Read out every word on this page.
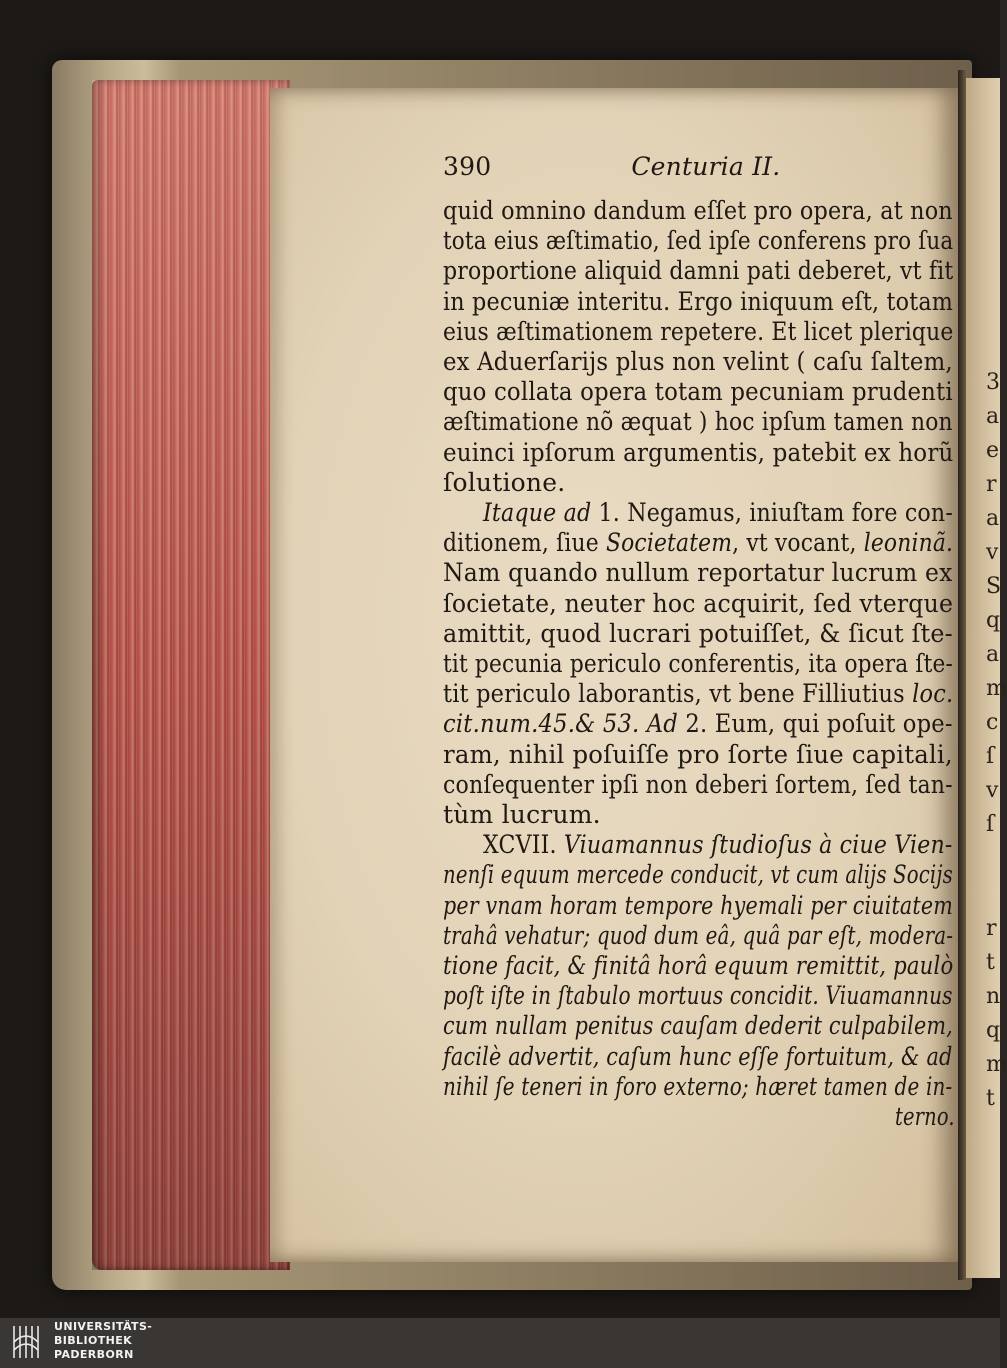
390	Centuria II.
quid omnino dandum eſſet pro opera, at non
tota eius æſtimatio, ſed ipſe conferens pro ſua
proportione aliquid damni pati deberet, vt fit
in pecuniæ interitu. Ergo iniquum eſt, totam
eius æſtimationem repetere. Et licet plerique
ex Aduerſarijs plus non velint ( caſu ſaltem,
quo collata opera totam pecuniam prudenti
æſtimatione nõ æquat ) hoc ipſum tamen non
euinci ipſorum argumentis, patebit ex horũ
ſolutione.
Itaque ad 1. Negamus, iniuſtam fore con-
ditionem, ſiue Societatem, vt vocant, leoninã.
Nam quando nullum reportatur lucrum ex
ſocietate, neuter hoc acquirit, ſed vterque
amittit, quod lucrari potuiſſet, & ſicut ſte-
tit pecunia periculo conferentis, ita opera ſte-
tit periculo laborantis, vt bene Filliutius loc.
cit.num.45.& 53. Ad 2. Eum, qui poſuit ope-
ram, nihil poſuiſſe pro ſorte ſiue capitali,
conſequenter ipſi non deberi ſortem, ſed tan-
tùm lucrum.
XCVII. Viuamannus ſtudioſus à ciue Vien-
nenſi equum mercede conducit, vt cum alijs Socijs
per vnam horam tempore hyemali per ciuitatem
trahâ vehatur; quod dum eâ, quâ par eſt, modera-
tione facit, & finitâ horâ equum remittit, paulò
poſt iſte in ſtabulo mortuus concidit. Viuamannus
cum nullam penitus cauſam dederit culpabilem,
facilè advertit, caſum hunc eſſe fortuitum, & ad
nihil ſe teneri in foro externo; hæret tamen de in-
terno.
3
a
e
r
a
v
S
q
a
m
c
ſ
v
ſ
r
t
n
q
m
t
UNIVERSITÄTS-
BIBLIOTHEK
PADERBORN
